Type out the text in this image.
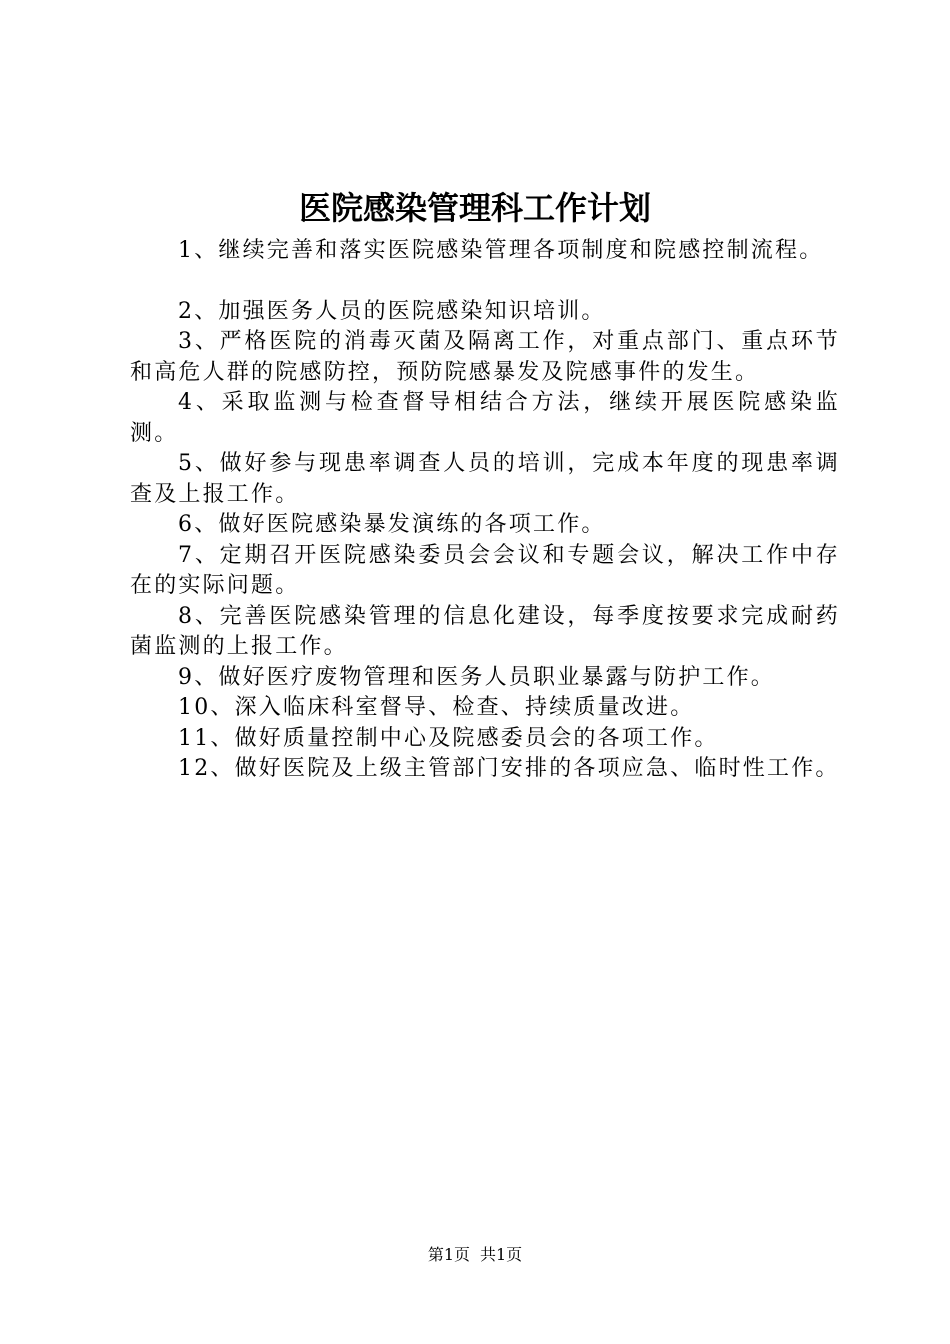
医院感染管理科工作计划

1、继续完善和落实医院感染管理各项制度和院感控制流程。

2、加强医务人员的医院感染知识培训。

3、严格医院的消毒灭菌及隔离工作，对重点部门、重点环节和高危人群的院感防控，预防院感暴发及院感事件的发生。

4、采取监测与检查督导相结合方法，继续开展医院感染监测。

5、做好参与现患率调查人员的培训，完成本年度的现患率调查及上报工作。

6、做好医院感染暴发演练的各项工作。

7、定期召开医院感染委员会会议和专题会议，解决工作中存在的实际问题。

8、完善医院感染管理的信息化建设，每季度按要求完成耐药菌监测的上报工作。

9、做好医疗废物管理和医务人员职业暴露与防护工作。

10、深入临床科室督导、检查、持续质量改进。

11、做好质量控制中心及院感委员会的各项工作。

12、做好医院及上级主管部门安排的各项应急、临时性工作。

第1页 共1页
